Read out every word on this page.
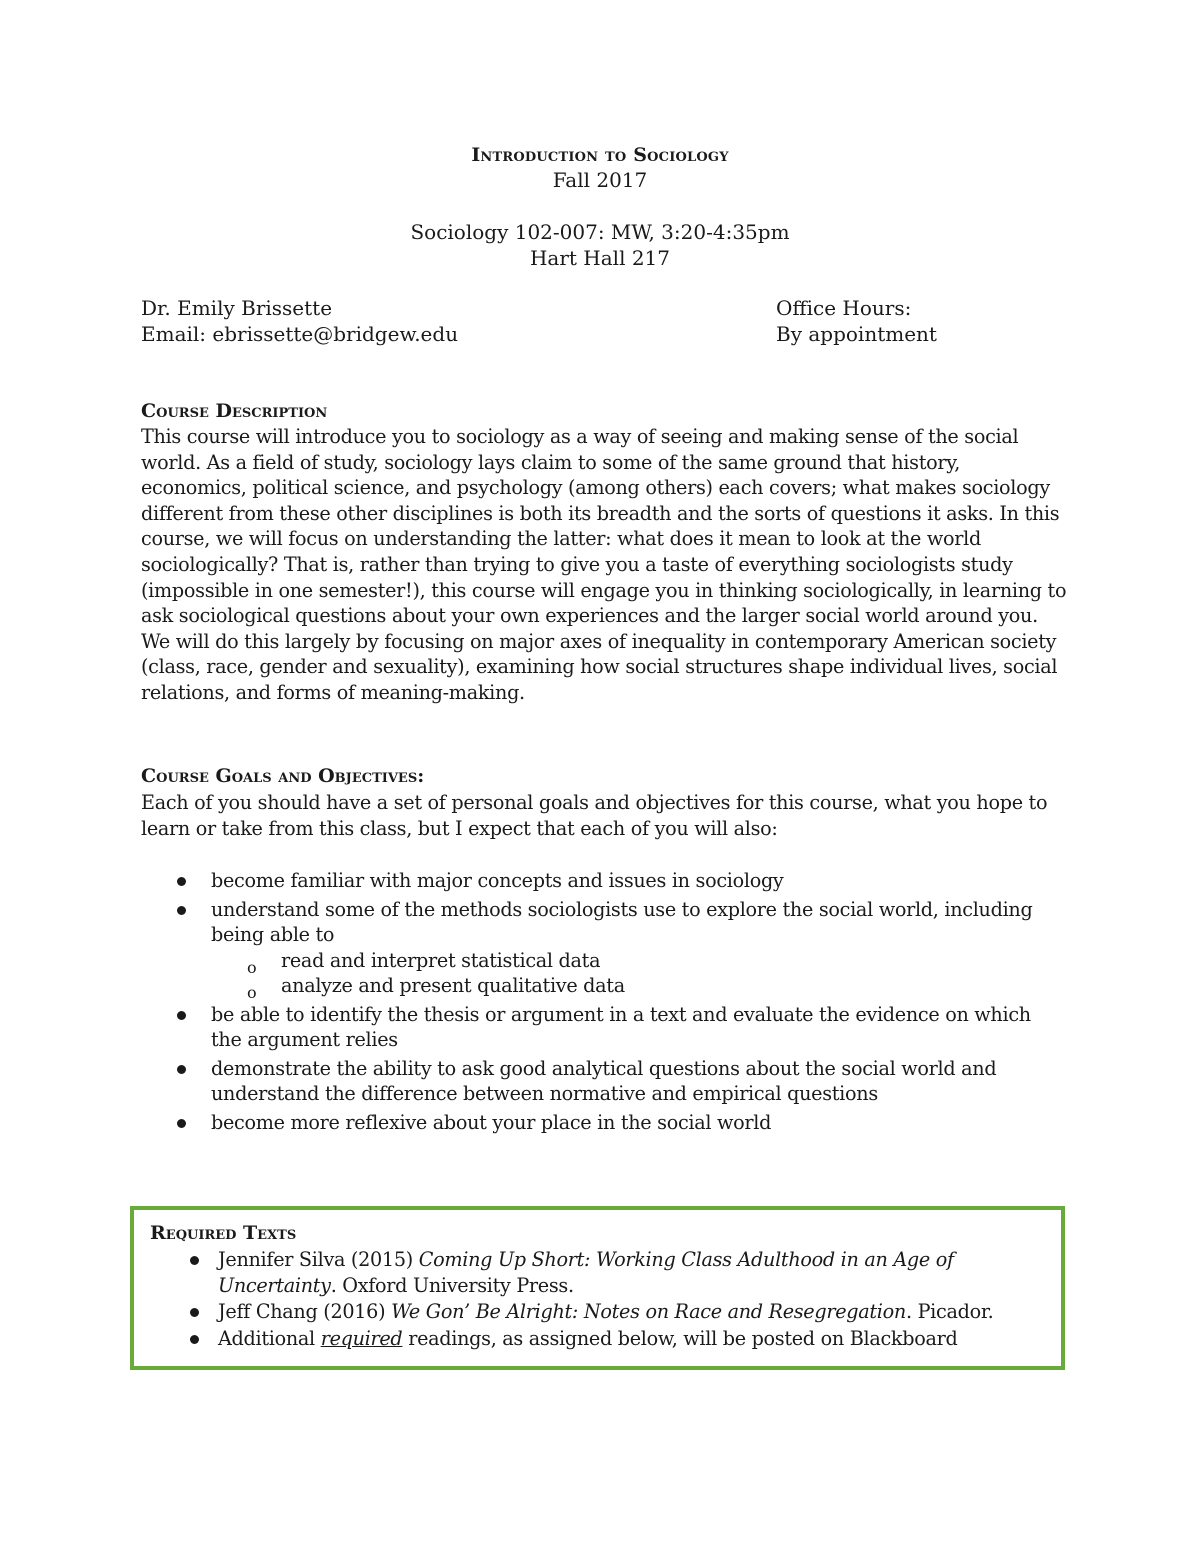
Introduction to Sociology
Fall 2017
Sociology 102-007: MW, 3:20-4:35pm
Hart Hall 217
Dr. Emily Brissette
Email: ebrissette@bridgew.edu
Office Hours:
By appointment
Course Description
This course will introduce you to sociology as a way of seeing and making sense of the social world. As a field of study, sociology lays claim to some of the same ground that history, economics, political science, and psychology (among others) each covers; what makes sociology different from these other disciplines is both its breadth and the sorts of questions it asks. In this course, we will focus on understanding the latter: what does it mean to look at the world sociologically? That is, rather than trying to give you a taste of everything sociologists study (impossible in one semester!), this course will engage you in thinking sociologically, in learning to ask sociological questions about your own experiences and the larger social world around you. We will do this largely by focusing on major axes of inequality in contemporary American society (class, race, gender and sexuality), examining how social structures shape individual lives, social relations, and forms of meaning-making.
Course Goals and Objectives:
Each of you should have a set of personal goals and objectives for this course, what you hope to learn or take from this class, but I expect that each of you will also:
become familiar with major concepts and issues in sociology
understand some of the methods sociologists use to explore the social world, including being able to
o read and interpret statistical data
o analyze and present qualitative data
be able to identify the thesis or argument in a text and evaluate the evidence on which the argument relies
demonstrate the ability to ask good analytical questions about the social world and understand the difference between normative and empirical questions
become more reflexive about your place in the social world
Required Texts
Jennifer Silva (2015) Coming Up Short: Working Class Adulthood in an Age of Uncertainty. Oxford University Press.
Jeff Chang (2016) We Gon’ Be Alright: Notes on Race and Resegregation. Picador.
Additional required readings, as assigned below, will be posted on Blackboard
